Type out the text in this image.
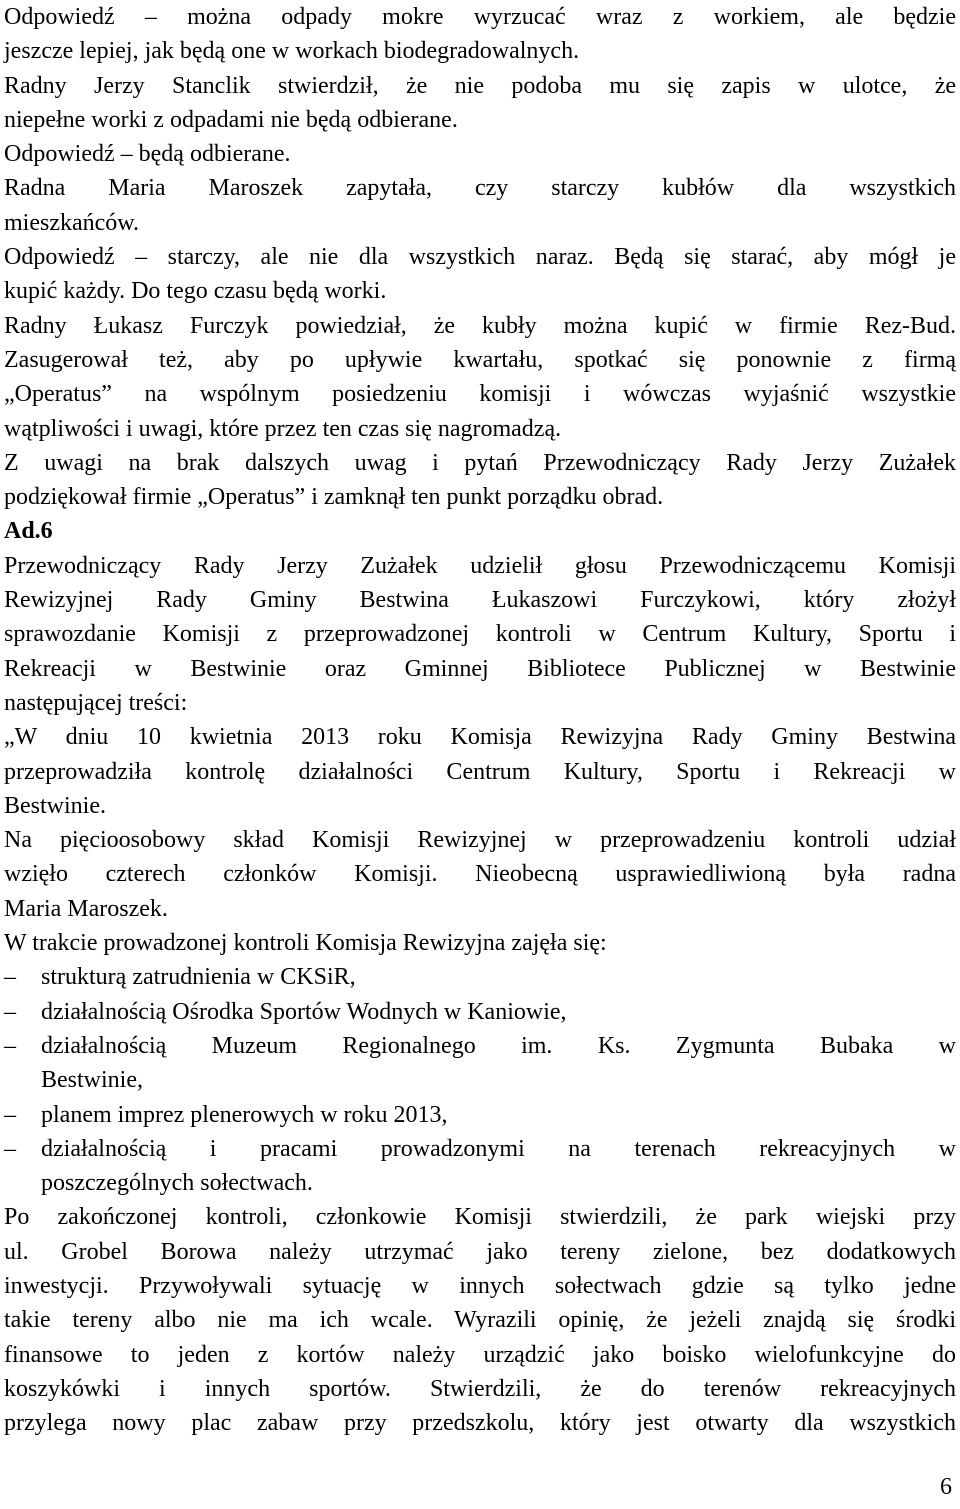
Odpowiedź – można odpady mokre wyrzucać wraz z workiem, ale będzie
jeszcze lepiej, jak będą one w workach biodegradowalnych.
Radny Jerzy Stanclik stwierdził, że nie podoba mu się zapis w ulotce, że
niepełne worki z odpadami nie będą odbierane.
Odpowiedź – będą odbierane.
Radna Maria Maroszek zapytała, czy starczy kubłów dla wszystkich
mieszkańców.
Odpowiedź – starczy, ale nie dla wszystkich naraz. Będą się starać, aby mógł je
kupić każdy. Do tego czasu będą worki.
Radny Łukasz Furczyk powiedział, że kubły można kupić w firmie Rez-Bud.
Zasugerował też, aby po upływie kwartału, spotkać się ponownie z firmą
„Operatus” na wspólnym posiedzeniu komisji i wówczas wyjaśnić wszystkie
wątpliwości i uwagi, które przez ten czas się nagromadzą.
Z uwagi na brak dalszych uwag i pytań Przewodniczący Rady Jerzy Zużałek
podziękował firmie „Operatus” i zamknął ten punkt porządku obrad.
Ad.6
Przewodniczący Rady Jerzy Zużałek udzielił głosu Przewodniczącemu Komisji
Rewizyjnej Rady Gminy Bestwina Łukaszowi Furczykowi, który złożył
sprawozdanie Komisji z przeprowadzonej kontroli w Centrum Kultury, Sportu i
Rekreacji w Bestwinie oraz Gminnej Bibliotece Publicznej w Bestwinie
następującej treści:
„W dniu 10 kwietnia 2013 roku Komisja Rewizyjna Rady Gminy Bestwina
przeprowadziła kontrolę działalności Centrum Kultury, Sportu i Rekreacji w
Bestwinie.
Na pięcioosobowy skład Komisji Rewizyjnej w przeprowadzeniu kontroli udział
wzięło czterech członków Komisji. Nieobecną usprawiedliwioną była radna
Maria Maroszek.
W trakcie prowadzonej kontroli Komisja Rewizyjna zajęła się:
–	strukturą zatrudnienia w CKSiR,
–	działalnością Ośrodka Sportów Wodnych w Kaniowie,
–	działalnością Muzeum Regionalnego im. Ks. Zygmunta Bubaka w
Bestwinie,
–	planem imprez plenerowych w roku 2013,
–	działalnością i pracami prowadzonymi na terenach rekreacyjnych w
poszczególnych sołectwach.
Po zakończonej kontroli, członkowie Komisji stwierdzili, że park wiejski przy
ul. Grobel Borowa należy utrzymać jako tereny zielone, bez dodatkowych
inwestycji. Przywoływali sytuację w innych sołectwach gdzie są tylko jedne
takie tereny albo nie ma ich wcale. Wyrazili opinię, że jeżeli znajdą się środki
finansowe to jeden z kortów należy urządzić jako boisko wielofunkcyjne do
koszykówki i innych sportów. Stwierdzili, że do terenów rekreacyjnych
przylega nowy plac zabaw przy przedszkolu, który jest otwarty dla wszystkich
6
